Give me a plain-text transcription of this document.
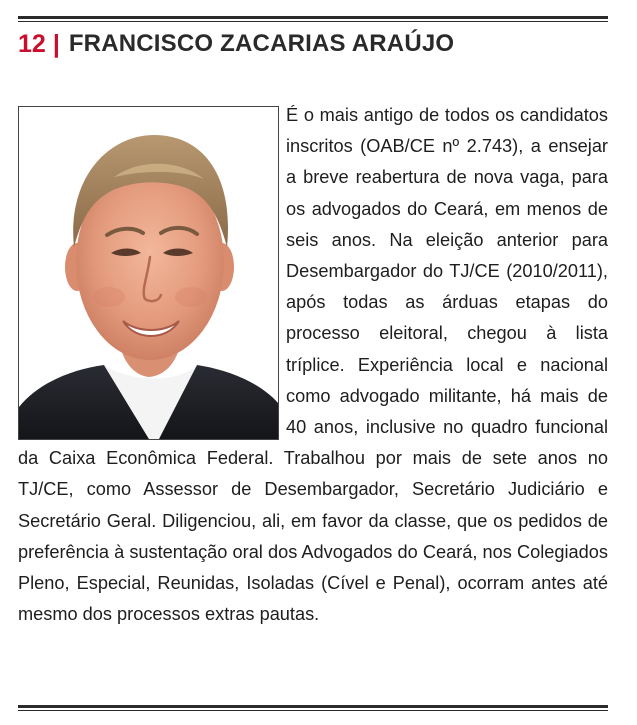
12 | FRANCISCO ZACARIAS ARAÚJO

É o mais antigo de todos os candidatos inscritos (OAB/CE nº 2.743), a ensejar a breve reabertura de nova vaga, para os advogados do Ceará, em menos de seis anos. Na eleição anterior para Desembargador do TJ/CE (2010/2011), após todas as árduas etapas do processo eleitoral, chegou à lista tríplice. Experiência local e nacional como advogado militante, há mais de 40 anos, inclusive no quadro funcional da Caixa Econômica Federal. Trabalhou por mais de sete anos no TJ/CE, como Assessor de Desembargador, Secretário Judiciário e Secretário Geral. Diligenciou, ali, em favor da classe, que os pedidos de preferência à sustentação oral dos Advogados do Ceará, nos Colegiados Pleno, Especial, Reunidas, Isoladas (Cível e Penal), ocorram antes até mesmo dos processos extras pautas.
